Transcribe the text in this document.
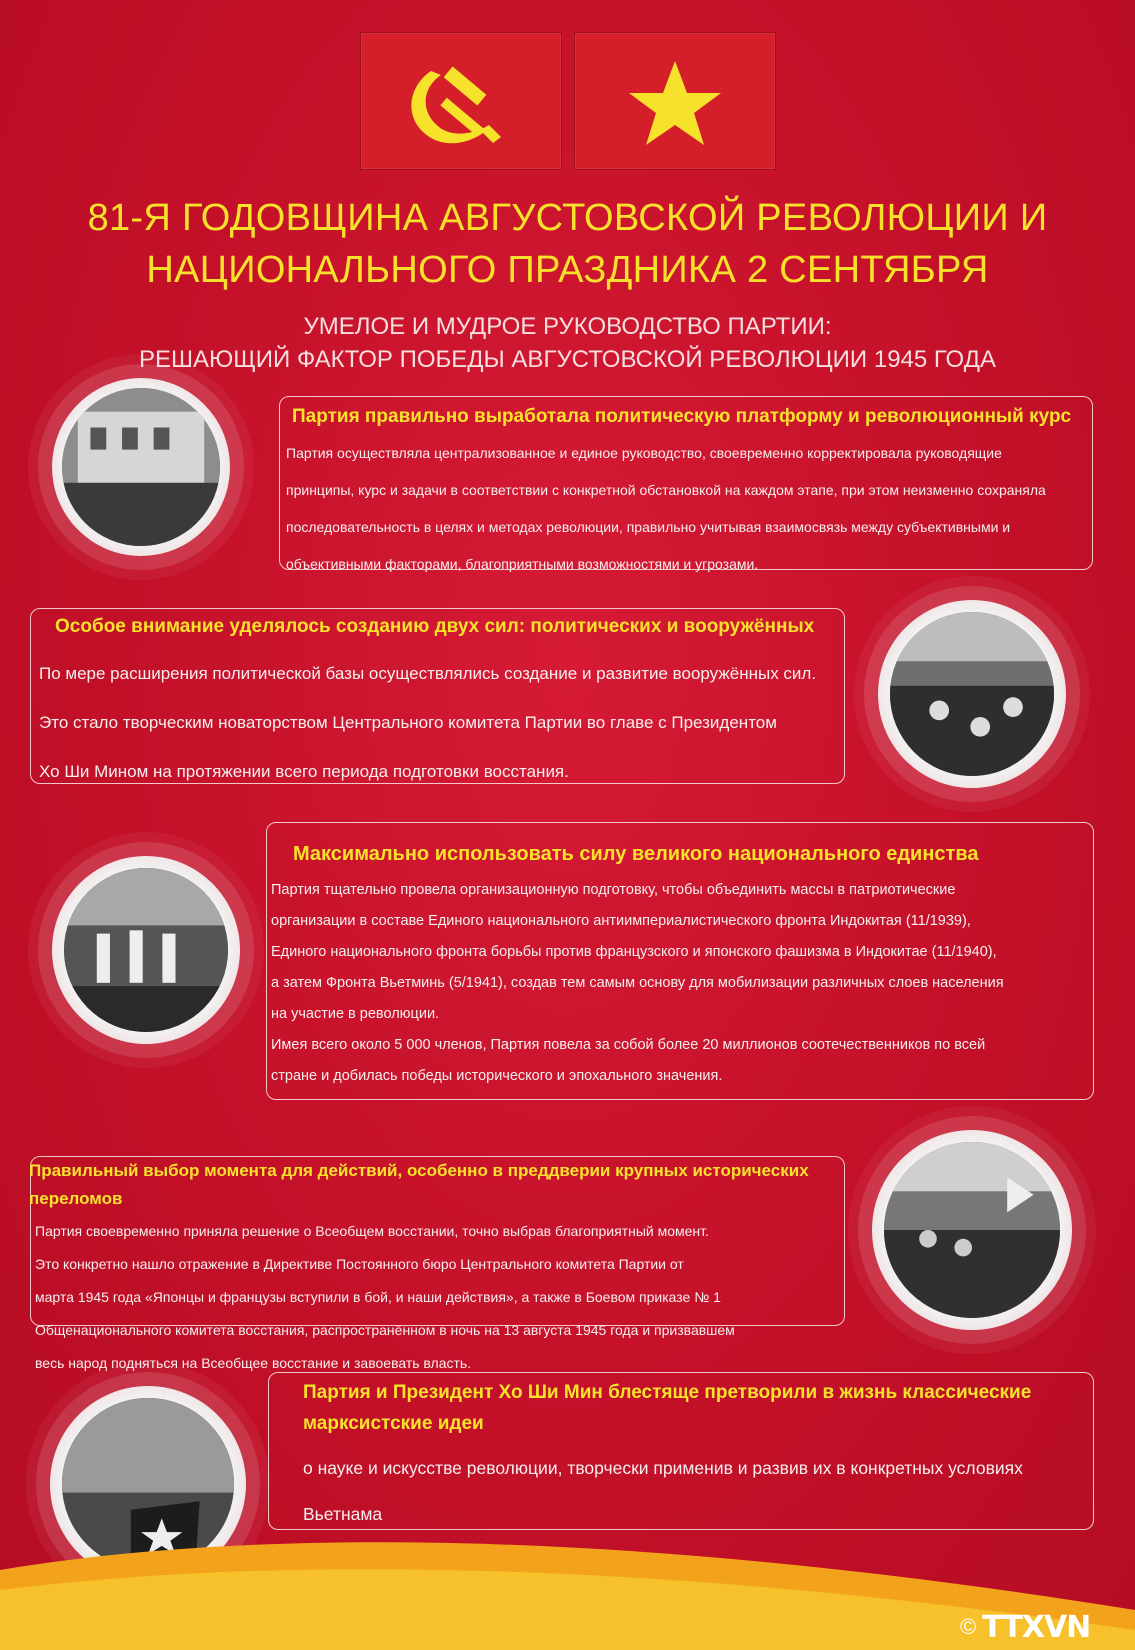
81-Я ГОДОВЩИНА АВГУСТОВСКОЙ РЕВОЛЮЦИИ И
НАЦИОНАЛЬНОГО ПРАЗДНИКА 2 СЕНТЯБРЯ
УМЕЛОЕ И МУДРОЕ РУКОВОДСТВО ПАРТИИ:
РЕШАЮЩИЙ ФАКТОР ПОБЕДЫ АВГУСТОВСКОЙ РЕВОЛЮЦИИ 1945 ГОДА
Партия правильно выработала политическую платформу и революционный курс
Партия осуществляла централизованное и единое руководство, своевременно корректировала руководящие
принципы, курс и задачи в соответствии с конкретной обстановкой на каждом этапе, при этом неизменно сохраняла
последовательность в целях и методах революции, правильно учитывая взаимосвязь между субъективными и
объективными факторами, благоприятными возможностями и угрозами.
Особое внимание уделялось созданию двух сил: политических и вооружённых
По мере расширения политической базы осуществлялись создание и развитие вооружённых сил.
Это стало творческим новаторством Центрального комитета Партии во главе с Президентом
Хо Ши Мином на протяжении всего периода подготовки восстания.
Максимально использовать силу великого национального единства
Партия тщательно провела организационную подготовку, чтобы объединить массы в патриотические
организации в составе Единого национального антиимпериалистического фронта Индокитая (11/1939),
Единого национального фронта борьбы против французского и японского фашизма в Индокитае (11/1940),
а затем Фронта Вьетминь (5/1941), создав тем самым основу для мобилизации различных слоев населения
на участие в революции.
Имея всего около 5 000 членов, Партия повела за собой более 20 миллионов соотечественников по всей
стране и добилась победы исторического и эпохального значения.
Правильный выбор момента для действий, особенно в преддверии крупных исторических
переломов
Партия своевременно приняла решение о Всеобщем восстании, точно выбрав благоприятный момент.
Это конкретно нашло отражение в Директиве Постоянного бюро Центрального комитета Партии от
марта 1945 года «Японцы и французы вступили в бой, и наши действия», а также в Боевом приказе № 1
Общенационального комитета восстания, распространённом в ночь на 13 августа 1945 года и призвавшем
весь народ подняться на Всеобщее восстание и завоевать власть.
Партия и Президент Хо Ши Мин блестяще претворили в жизнь классические
марксистские идеи
о науке и искусстве революции, творчески применив и развив их в конкретных условиях Вьетнама

© TTXVN
